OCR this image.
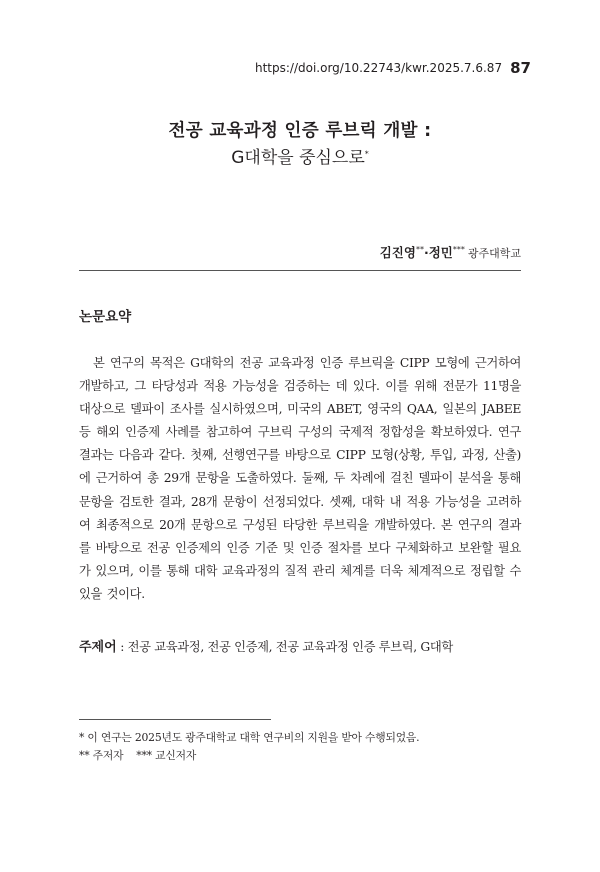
https://doi.org/10.22743/kwr.2025.7.6.87 87
전공 교육과정 인증 루브릭 개발 :
G대학을 중심으로*
김진영**·정민*** 광주대학교
논문요약
본 연구의 목적은 G대학의 전공 교육과정 인증 루브릭을 CIPP 모형에 근거하여 개발하고, 그 타당성과 적용 가능성을 검증하는 데 있다. 이를 위해 전문가 11명을 대상으로 델파이 조사를 실시하였으며, 미국의 ABET, 영국의 QAA, 일본의 JABEE 등 해외 인증제 사례를 참고하여 구브릭 구성의 국제적 정합성을 확보하였다. 연구 결과는 다음과 같다. 첫째, 선행연구를 바탕으로 CIPP 모형(상황, 투입, 과정, 산출)에 근거하여 총 29개 문항을 도출하였다. 둘째, 두 차례에 걸친 델파이 분석을 통해 문항을 검토한 결과, 28개 문항이 선정되었다. 셋째, 대학 내 적용 가능성을 고려하여 최종적으로 20개 문항으로 구성된 타당한 루브릭을 개발하였다. 본 연구의 결과를 바탕으로 전공 인증제의 인증 기준 및 인증 절차를 보다 구체화하고 보완할 필요가 있으며, 이를 통해 대학 교육과정의 질적 관리 체계를 더욱 체계적으로 정립할 수 있을 것이다.
주제어 : 전공 교육과정, 전공 인증제, 전공 교육과정 인증 루브릭, G대학
* 이 연구는 2025년도 광주대학교 대학 연구비의 지원을 받아 수행되었음.
** 주저자 *** 교신저자
